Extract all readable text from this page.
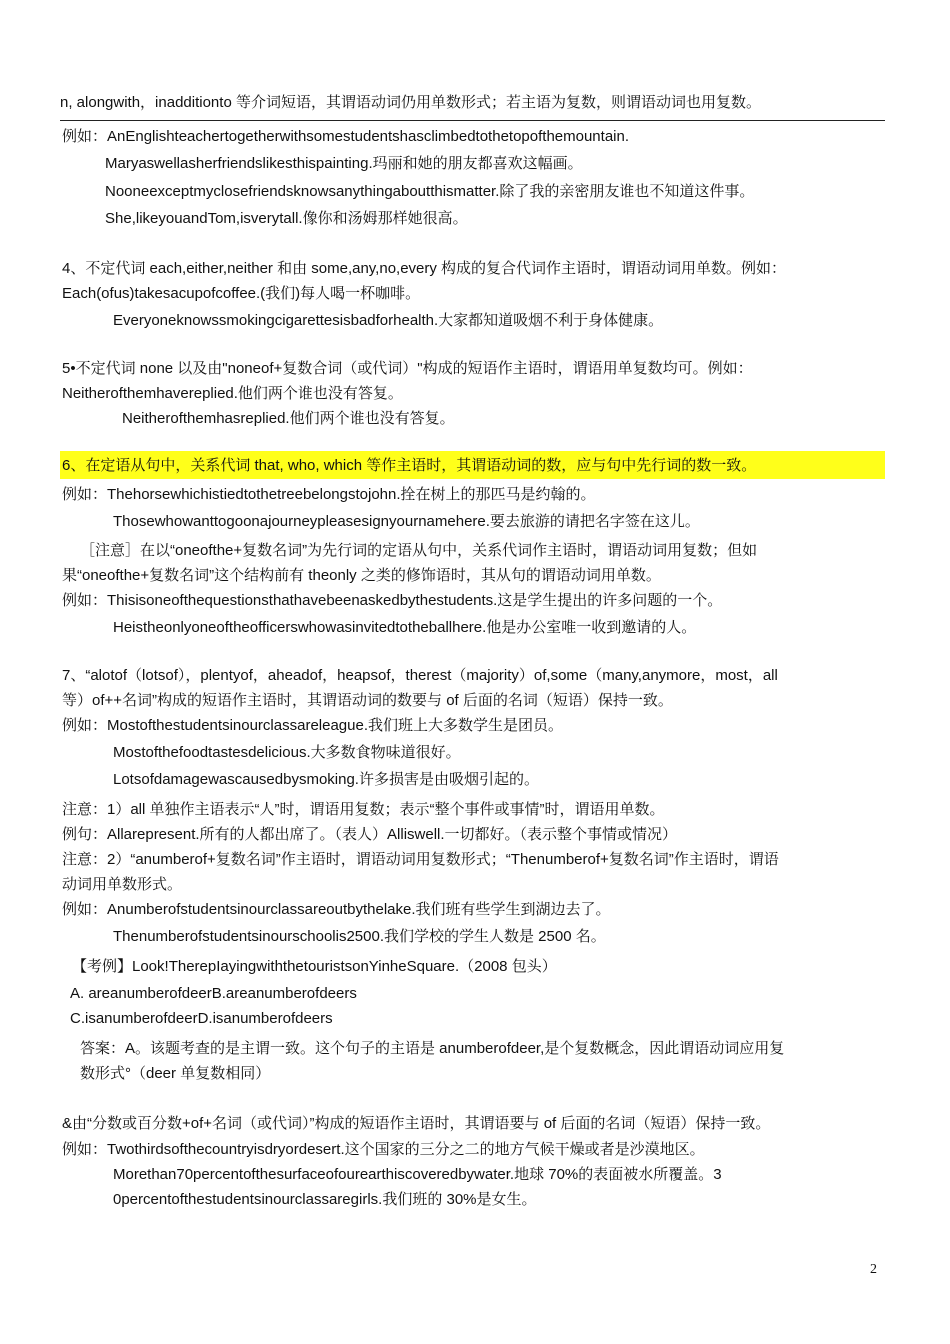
n, alongwith，inadditionto 等介词短语，其谓语动词仍用单数形式；若主语为复数，则谓语动词也用复数。
例如：AnEnglishteachertogetherwithsomestudentshasclimbedtothetopofthemountain.
Maryaswellasherfriendslikesthispainting.玛丽和她的朋友都喜欢这幅画。
Nooneexceptmyclosefriendsknowsanythingaboutthismatter.除了我的亲密朋友谁也不知道这件事。
She,likeyouandTom,isverytall.像你和汤姆那样她很高。
4、不定代词 each,either,neither 和由 some,any,no,every 构成的复合代词作主语时，谓语动词用单数。例如：
Each(ofus)takesacupofcoffee.(我们)每人喝一杯咖啡。
Everyoneknowssmokingcigarettesisbadforhealth.大家都知道吸烟不利于身体健康。
5•不定代词 none 以及由"noneof+复数合词（或代词）"构成的短语作主语时，谓语用单复数均可。例如：
Neitherofthemhavereplied.他们两个谁也没有答复。
Neitherofthemhasreplied.他们两个谁也没有答复。
6、在定语从句中，关系代词 that, who, which 等作主语时，其谓语动词的数，应与句中先行词的数一致。
例如：Thehorsewhichistiedtothetreebelongstojohn.拴在树上的那匹马是约翰的。
Thosewhowanttogoonajourneypleasesignyournamehere.要去旅游的请把名字签在这儿。
［注意］在以“oneofthe+复数名词”为先行词的定语从句中，关系代词作主语时，谓语动词用复数；但如
果“oneofthe+复数名词”这个结构前有 theonly 之类的修饰语时，其从句的谓语动词用单数。
例如：Thisisoneofthequestionsthathavebeenaskedbythestudents.这是学生提出的许多问题的一个。
Heistheonlyoneoftheofficerswhowasinvitedtotheballhere.他是办公室唯一收到邀请的人。
7、“alotof（lotsof），plentyof，aheadof，heapsof，therest（majority）of,some（many,anymore，most，all
等）of++名词”构成的短语作主语时，其谓语动词的数要与 of 后面的名词（短语）保持一致。
例如：Mostofthestudentsinourclassareleague.我们班上大多数学生是团员。
Mostofthefoodtastesdelicious.大多数食物味道很好。
Lotsofdamagewascausedbysmoking.许多损害是由吸烟引起的。
注意：1）all 单独作主语表示“人”时，谓语用复数；表示“整个事件或事情”时，谓语用单数。
例句：Allarepresent.所有的人都出席了。（表人）Alliswell.一切都好。（表示整个事情或情况）
注意：2）“anumberof+复数名词”作主语时，谓语动词用复数形式；“Thenumberof+复数名词”作主语时，谓语
动词用单数形式。
例如：Anumberofstudentsinourclassareoutbythelake.我们班有些学生到湖边去了。
Thenumberofstudentsinourschoolis2500.我们学校的学生人数是 2500 名。
【考例】Look!TherepIayingwiththetouristsonYinheSquare.（2008 包头）
A. areanumberofdeerB.areanumberofdeers
C.isanumberofdeerD.isanumberofdeers
答案：A。该题考查的是主谓一致。这个句子的主语是 anumberofdeer,是个复数概念，因此谓语动词应用复
数形式°（deer 单复数相同）
&由“分数或百分数+of+名词（或代词）”构成的短语作主语时，其谓语要与 of 后面的名词（短语）保持一致。
例如：Twothirdsofthecountryisdryordesert.这个国家的三分之二的地方气候干燥或者是沙漠地区。
Morethan70percentofthesurfaceofourearthiscoveredbywater.地球 70%的表面被水所覆盖。3
0percentofthestudentsinourclassaregirls.我们班的 30%是女生。
2
